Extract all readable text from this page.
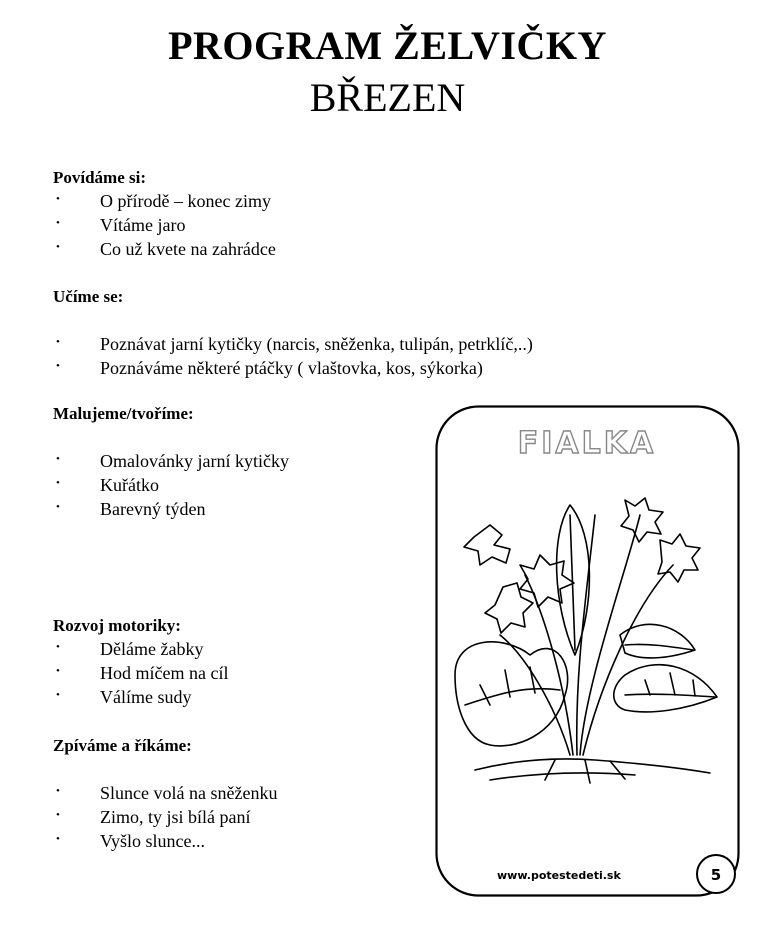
PROGRAM ŽELVIČKY
BŘEZEN

Povídáme si:

• O přírodě – konec zimy
• Vítáme jaro
• Co už kvete na zahrádce

Učíme se:

• Poznávat jarní kytičky (narcis, sněženka, tulipán, petrklíč,..)
• Poznáváme některé ptáčky ( vlaštovka, kos, sýkorka)

Malujeme/tvoříme:

• Omalovánky jarní kytičky
• Kuřátko
• Barevný týden

Rozvoj motoriky:

• Děláme žabky
• Hod míčem na cíl
• Válíme sudy

Zpíváme a říkáme:

• Slunce volá na sněženku
• Zimo, ty jsi bílá paní
• Vyšlo slunce...
FIALKA
www.potestedeti.sk	5
